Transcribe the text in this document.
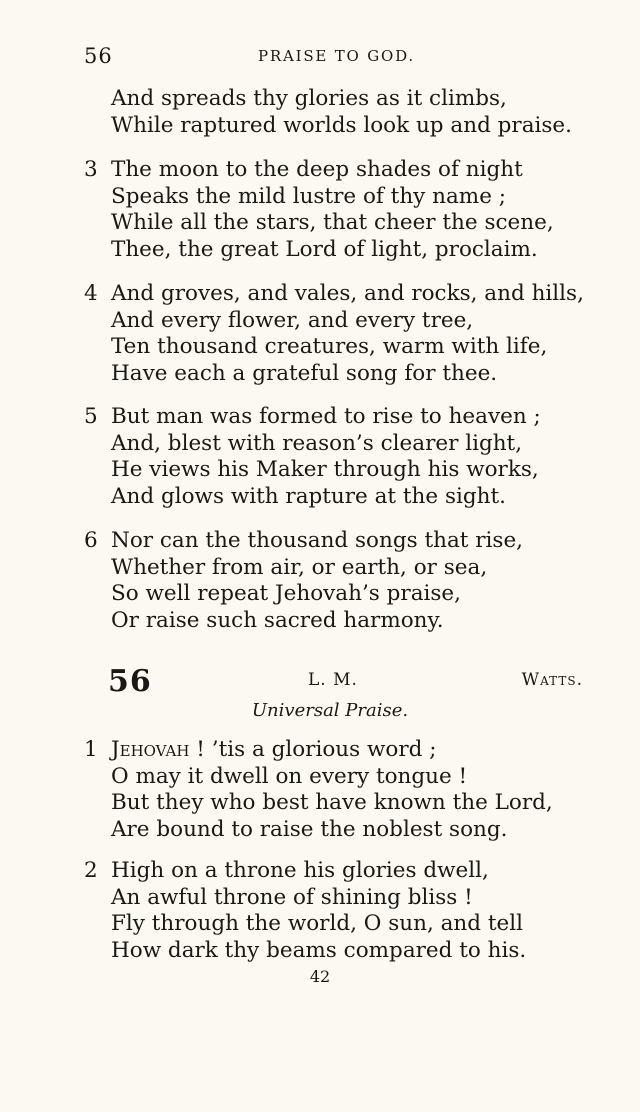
56	PRAISE TO GOD.
And spreads thy glories as it climbs,
While raptured worlds look up and praise.
3 The moon to the deep shades of night
Speaks the mild lustre of thy name ;
While all the stars, that cheer the scene,
Thee, the great Lord of light, proclaim.
4 And groves, and vales, and rocks, and hills,
And every flower, and every tree,
Ten thousand creatures, warm with life,
Have each a grateful song for thee.
5 But man was formed to rise to heaven ;
And, blest with reason’s clearer light,
He views his Maker through his works,
And glows with rapture at the sight.
6 Nor can the thousand songs that rise,
Whether from air, or earth, or sea,
So well repeat Jehovah’s praise,
Or raise such sacred harmony.
56	L. M.	Watts.
Universal Praise.
1 Jehovah ! ’tis a glorious word ;
O may it dwell on every tongue !
But they who best have known the Lord,
Are bound to raise the noblest song.
2 High on a throne his glories dwell,
An awful throne of shining bliss !
Fly through the world, O sun, and tell
How dark thy beams compared to his.
42
